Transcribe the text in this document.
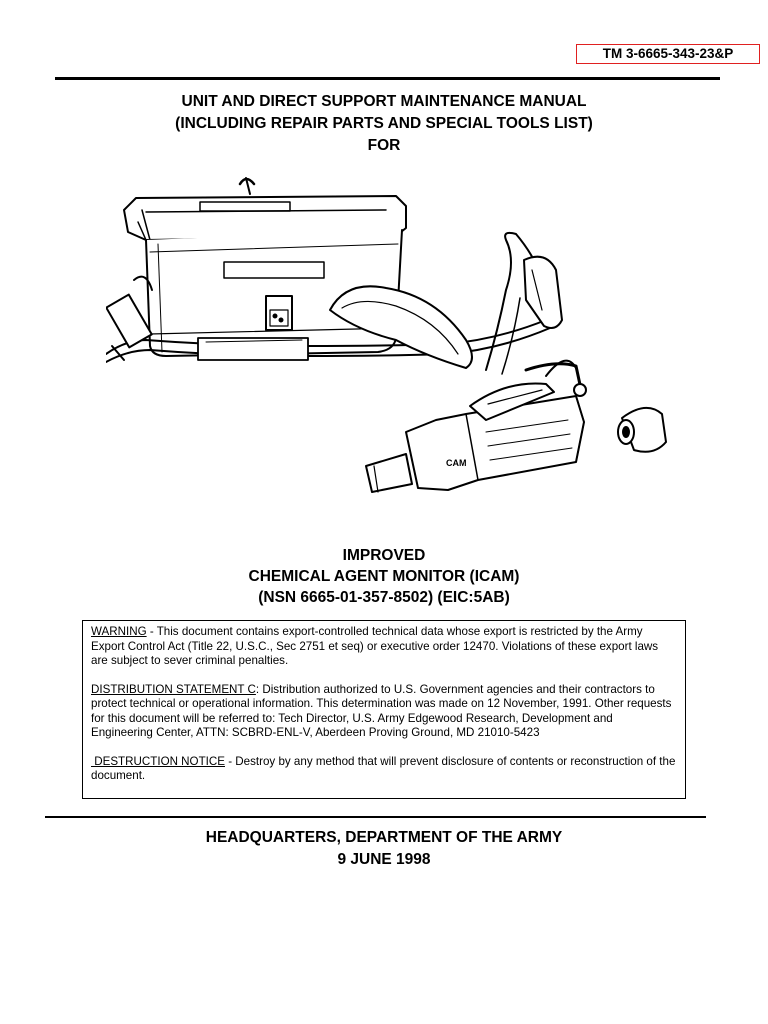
TM 3-6665-343-23&P
UNIT AND DIRECT SUPPORT MAINTENANCE MANUAL
(INCLUDING REPAIR PARTS AND SPECIAL TOOLS LIST)
FOR
CAM
IMPROVED
CHEMICAL AGENT MONITOR (ICAM)
(NSN 6665-01-357-8502) (EIC:5AB)

WARNING - This document contains export-controlled technical data whose export is restricted by the Army Export Control Act (Title 22, U.S.C., Sec 2751 et seq) or executive order 12470. Violations of these export laws are subject to sever criminal penalties.

DISTRIBUTION STATEMENT C: Distribution authorized to U.S. Government agencies and their contractors to protect technical or operational information. This determination was made on 12 November, 1991. Other requests for this document will be referred to: Tech Director, U.S. Army Edgewood Research, Development and Engineering Center, ATTN: SCBRD-ENL-V, Aberdeen Proving Ground, MD 21010-5423

DESTRUCTION NOTICE - Destroy by any method that will prevent disclosure of contents or reconstruction of the document.

HEADQUARTERS, DEPARTMENT OF THE ARMY
9 JUNE 1998
